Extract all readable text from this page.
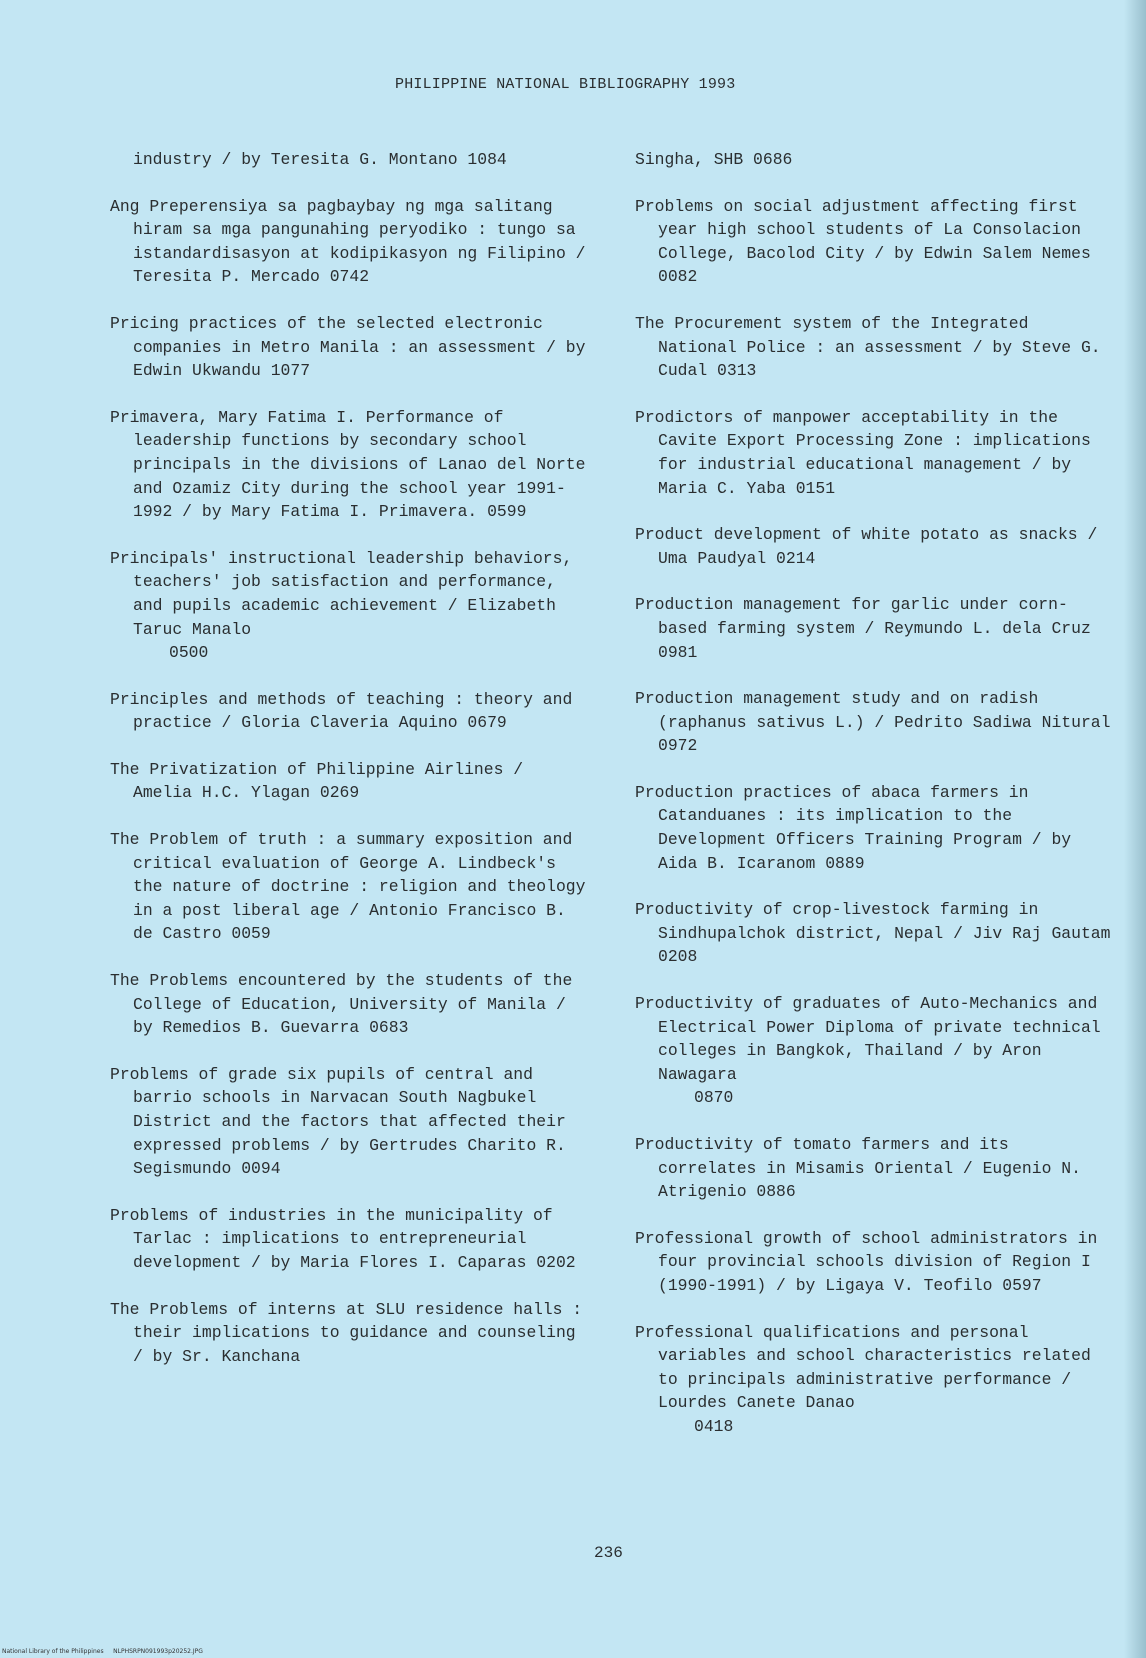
PHILIPPINE NATIONAL BIBLIOGRAPHY 1993

industry / by Teresita G. Montano 1084

Ang Preperensiya sa pagbaybay ng mga salitang hiram sa mga pangunahing peryodiko : tungo sa istandardisasyon at kodipikasyon ng Filipino / Teresita P. Mercado 0742

Pricing practices of the selected electronic companies in Metro Manila : an assessment / by Edwin Ukwandu 1077

Primavera, Mary Fatima I. Performance of leadership functions by secondary school principals in the divisions of Lanao del Norte and Ozamiz City during the school year 1991-1992 / by Mary Fatima I. Primavera. 0599

Principals' instructional leadership behaviors, teachers' job satisfaction and performance, and pupils academic achievement / Elizabeth Taruc Manalo
0500

Principles and methods of teaching : theory and practice / Gloria Claveria Aquino 0679

The Privatization of Philippine Airlines / Amelia H.C. Ylagan 0269

The Problem of truth : a summary exposition and critical evaluation of George A. Lindbeck's the nature of doctrine : religion and theology in a post liberal age / Antonio Francisco B. de Castro 0059

The Problems encountered by the students of the College of Education, University of Manila / by Remedios B. Guevarra 0683

Problems of grade six pupils of central and barrio schools in Narvacan South Nagbukel District and the factors that affected their expressed problems / by Gertrudes Charito R. Segismundo 0094

Problems of industries in the municipality of Tarlac : implications to entrepreneurial development / by Maria Flores I. Caparas 0202

The Problems of interns at SLU residence halls : their implications to guidance and counseling / by Sr. Kanchana

Singha, SHB 0686

Problems on social adjustment affecting first year high school students of La Consolacion College, Bacolod City / by Edwin Salem Nemes 0082

The Procurement system of the Integrated National Police : an assessment / by Steve G. Cudal 0313

Prodictors of manpower acceptability in the Cavite Export Processing Zone : implications for industrial educational management / by Maria C. Yaba 0151

Product development of white potato as snacks / Uma Paudyal 0214

Production management for garlic under corn-based farming system / Reymundo L. dela Cruz 0981

Production management study and on radish (raphanus sativus L.) / Pedrito Sadiwa Nitural 0972

Production practices of abaca farmers in Catanduanes : its implication to the Development Officers Training Program / by Aida B. Icaranom 0889

Productivity of crop-livestock farming in Sindhupalchok district, Nepal / Jiv Raj Gautam 0208

Productivity of graduates of Auto-Mechanics and Electrical Power Diploma of private technical colleges in Bangkok, Thailand / by Aron Nawagara
0870

Productivity of tomato farmers and its correlates in Misamis Oriental / Eugenio N. Atrigenio 0886

Professional growth of school administrators in four provincial schools division of Region I (1990-1991) / by Ligaya V. Teofilo 0597

Professional qualifications and personal variables and school characteristics related to principals administrative performance / Lourdes Canete Danao
0418

236
National Library of the Philippines NLPHSRPN091993p20252.JPG
